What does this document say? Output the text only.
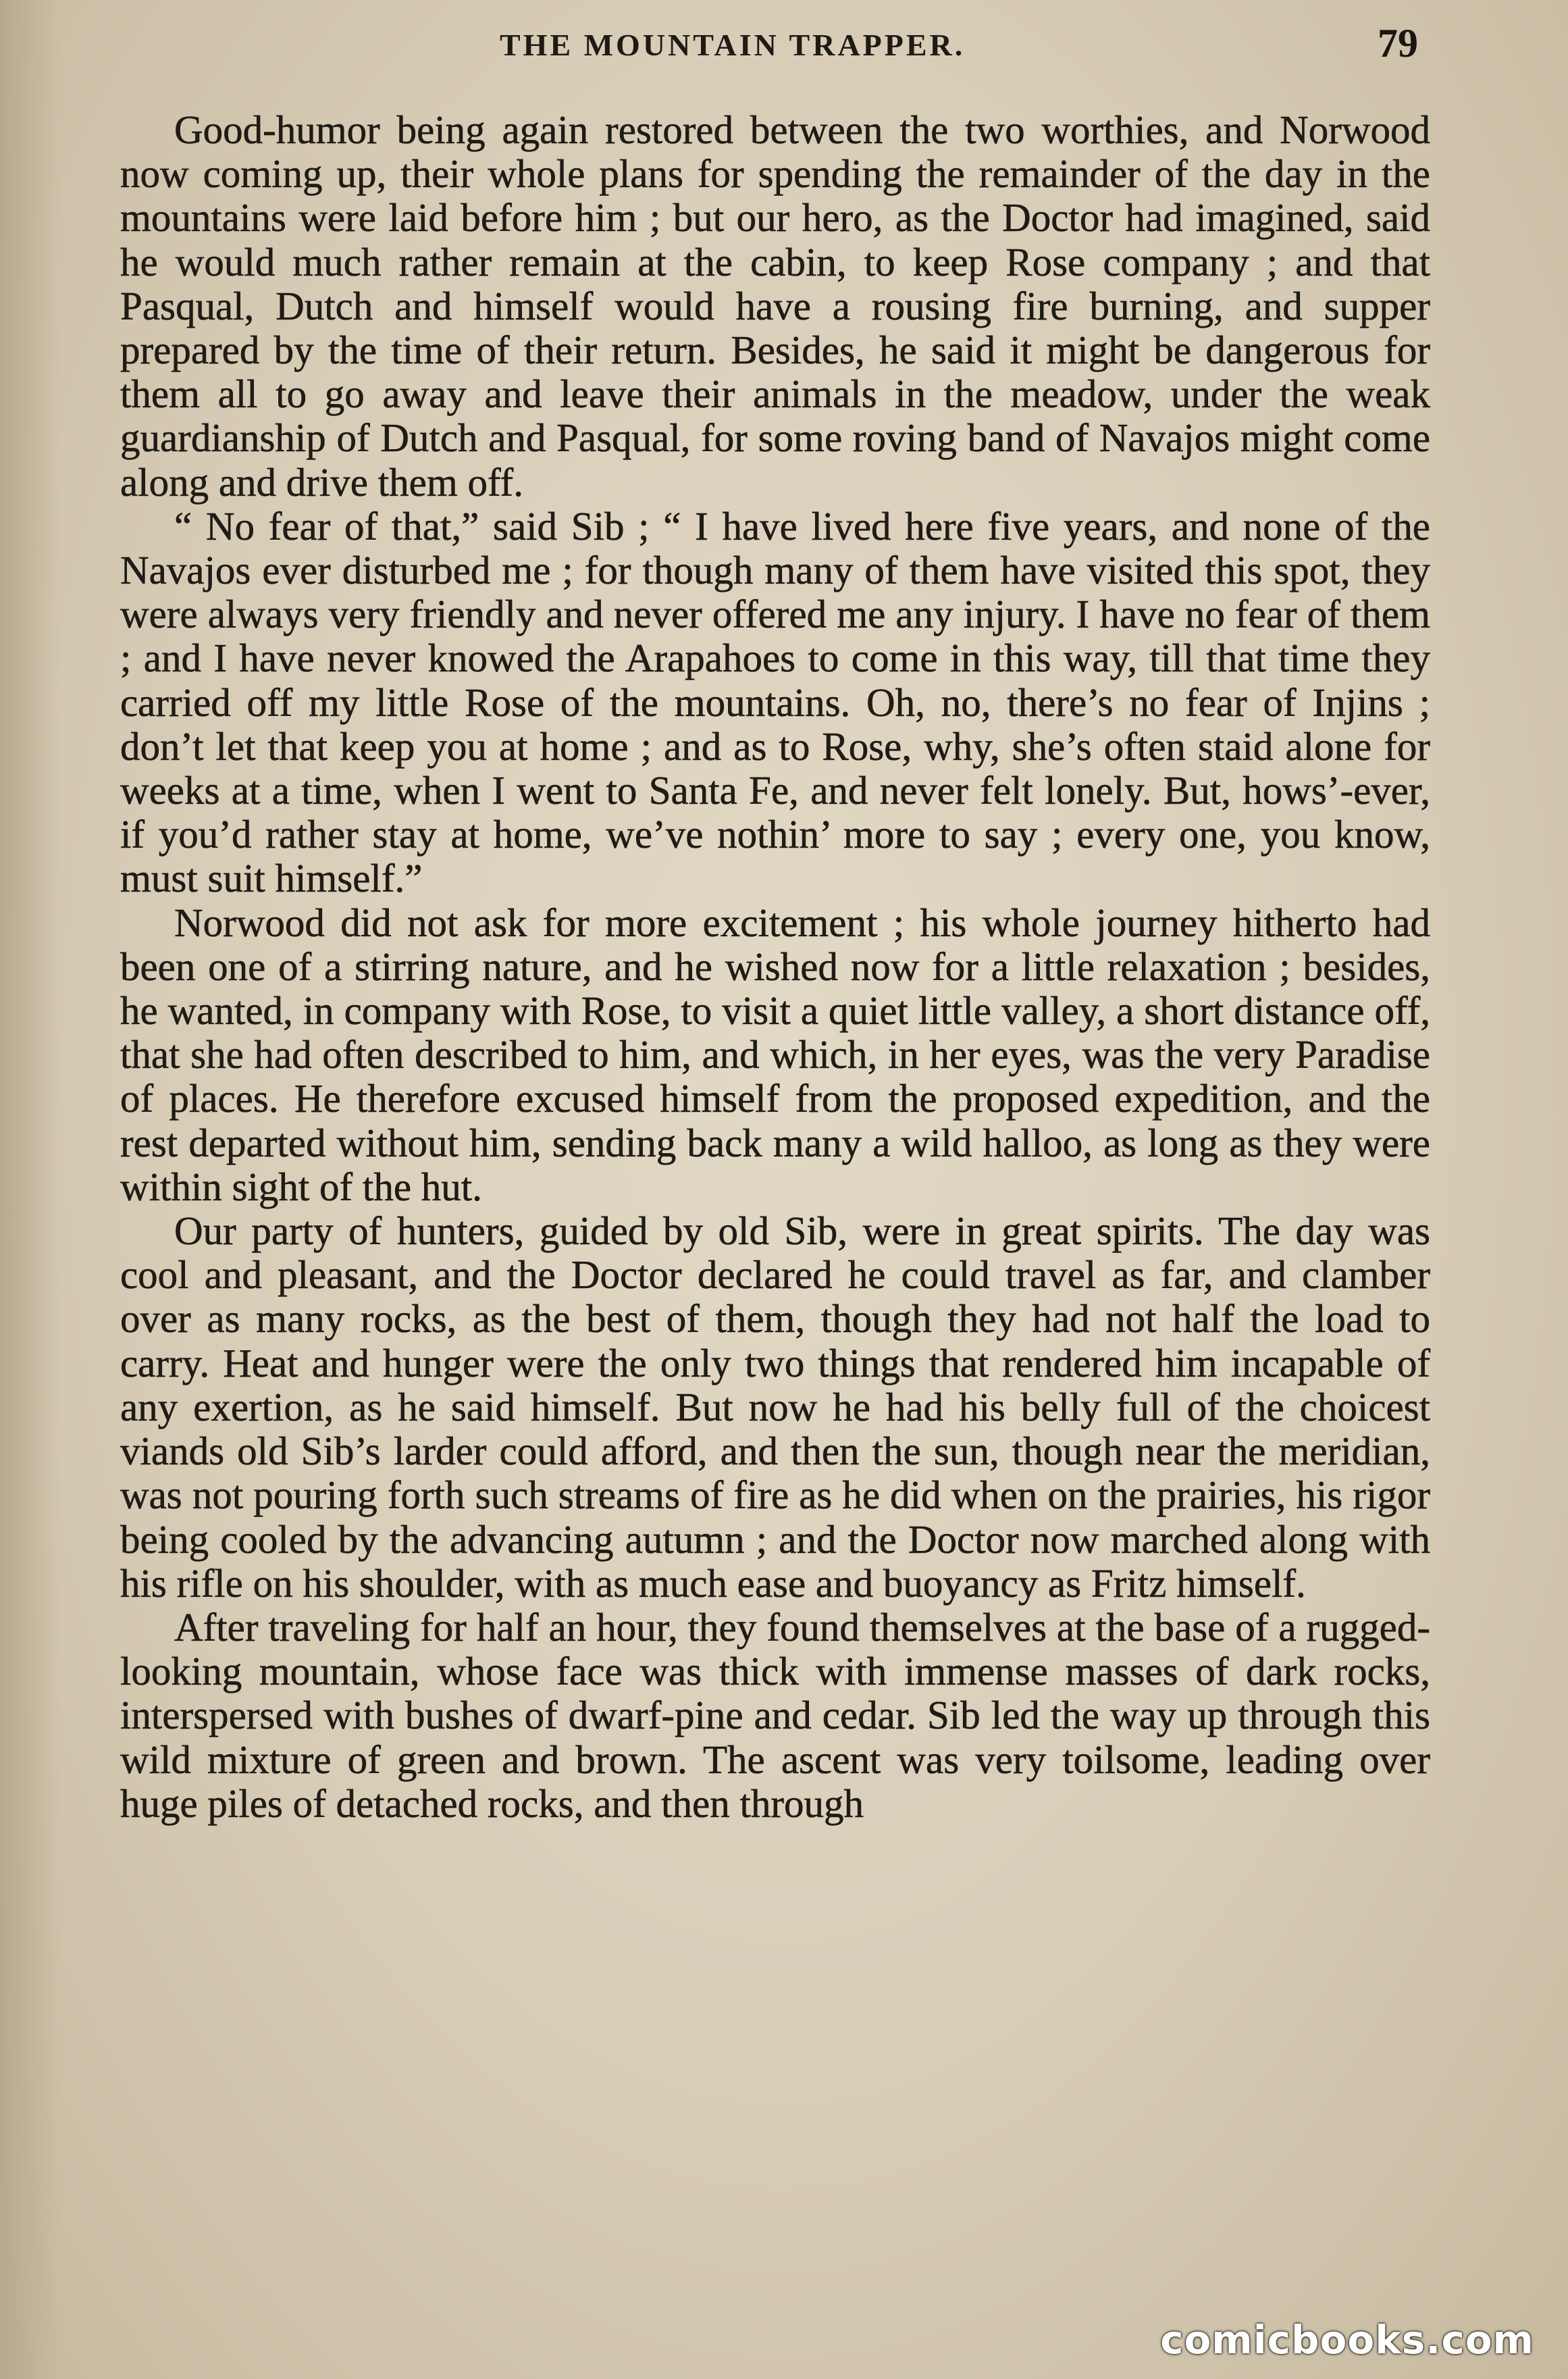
THE MOUNTAIN TRAPPER.	79

Good-humor being again restored between the two worthies, and Norwood now coming up, their whole plans for spending the remainder of the day in the mountains were laid before him ; but our hero, as the Doctor had imagined, said he would much rather remain at the cabin, to keep Rose company ; and that Pasqual, Dutch and himself would have a rousing fire burning, and supper prepared by the time of their return. Besides, he said it might be dangerous for them all to go away and leave their animals in the meadow, under the weak guardianship of Dutch and Pasqual, for some roving band of Navajos might come along and drive them off.

“ No fear of that,” said Sib ; “ I have lived here five years, and none of the Navajos ever disturbed me ; for though many of them have visited this spot, they were always very friendly and never offered me any injury. I have no fear of them ; and I have never knowed the Arapahoes to come in this way, till that time they carried off my little Rose of the mountains. Oh, no, there’s no fear of Injins ; don’t let that keep you at home ; and as to Rose, why, she’s often staid alone for weeks at a time, when I went to Santa Fe, and never felt lonely. But, hows’-ever, if you’d rather stay at home, we’ve nothin’ more to say ; every one, you know, must suit himself.”

Norwood did not ask for more excitement ; his whole journey hitherto had been one of a stirring nature, and he wished now for a little relaxation ; besides, he wanted, in company with Rose, to visit a quiet little valley, a short distance off, that she had often described to him, and which, in her eyes, was the very Paradise of places. He therefore excused himself from the proposed expedition, and the rest departed without him, sending back many a wild halloo, as long as they were within sight of the hut.

Our party of hunters, guided by old Sib, were in great spirits. The day was cool and pleasant, and the Doctor declared he could travel as far, and clamber over as many rocks, as the best of them, though they had not half the load to carry. Heat and hunger were the only two things that rendered him incapable of any exertion, as he said himself. But now he had his belly full of the choicest viands old Sib’s larder could afford, and then the sun, though near the meridian, was not pouring forth such streams of fire as he did when on the prairies, his rigor being cooled by the advancing autumn ; and the Doctor now marched along with his rifle on his shoulder, with as much ease and buoyancy as Fritz himself.

After traveling for half an hour, they found themselves at the base of a rugged-looking mountain, whose face was thick with immense masses of dark rocks, interspersed with bushes of dwarf-pine and cedar. Sib led the way up through this wild mixture of green and brown. The ascent was very toilsome, leading over huge piles of detached rocks, and then through

comicbooks.com
